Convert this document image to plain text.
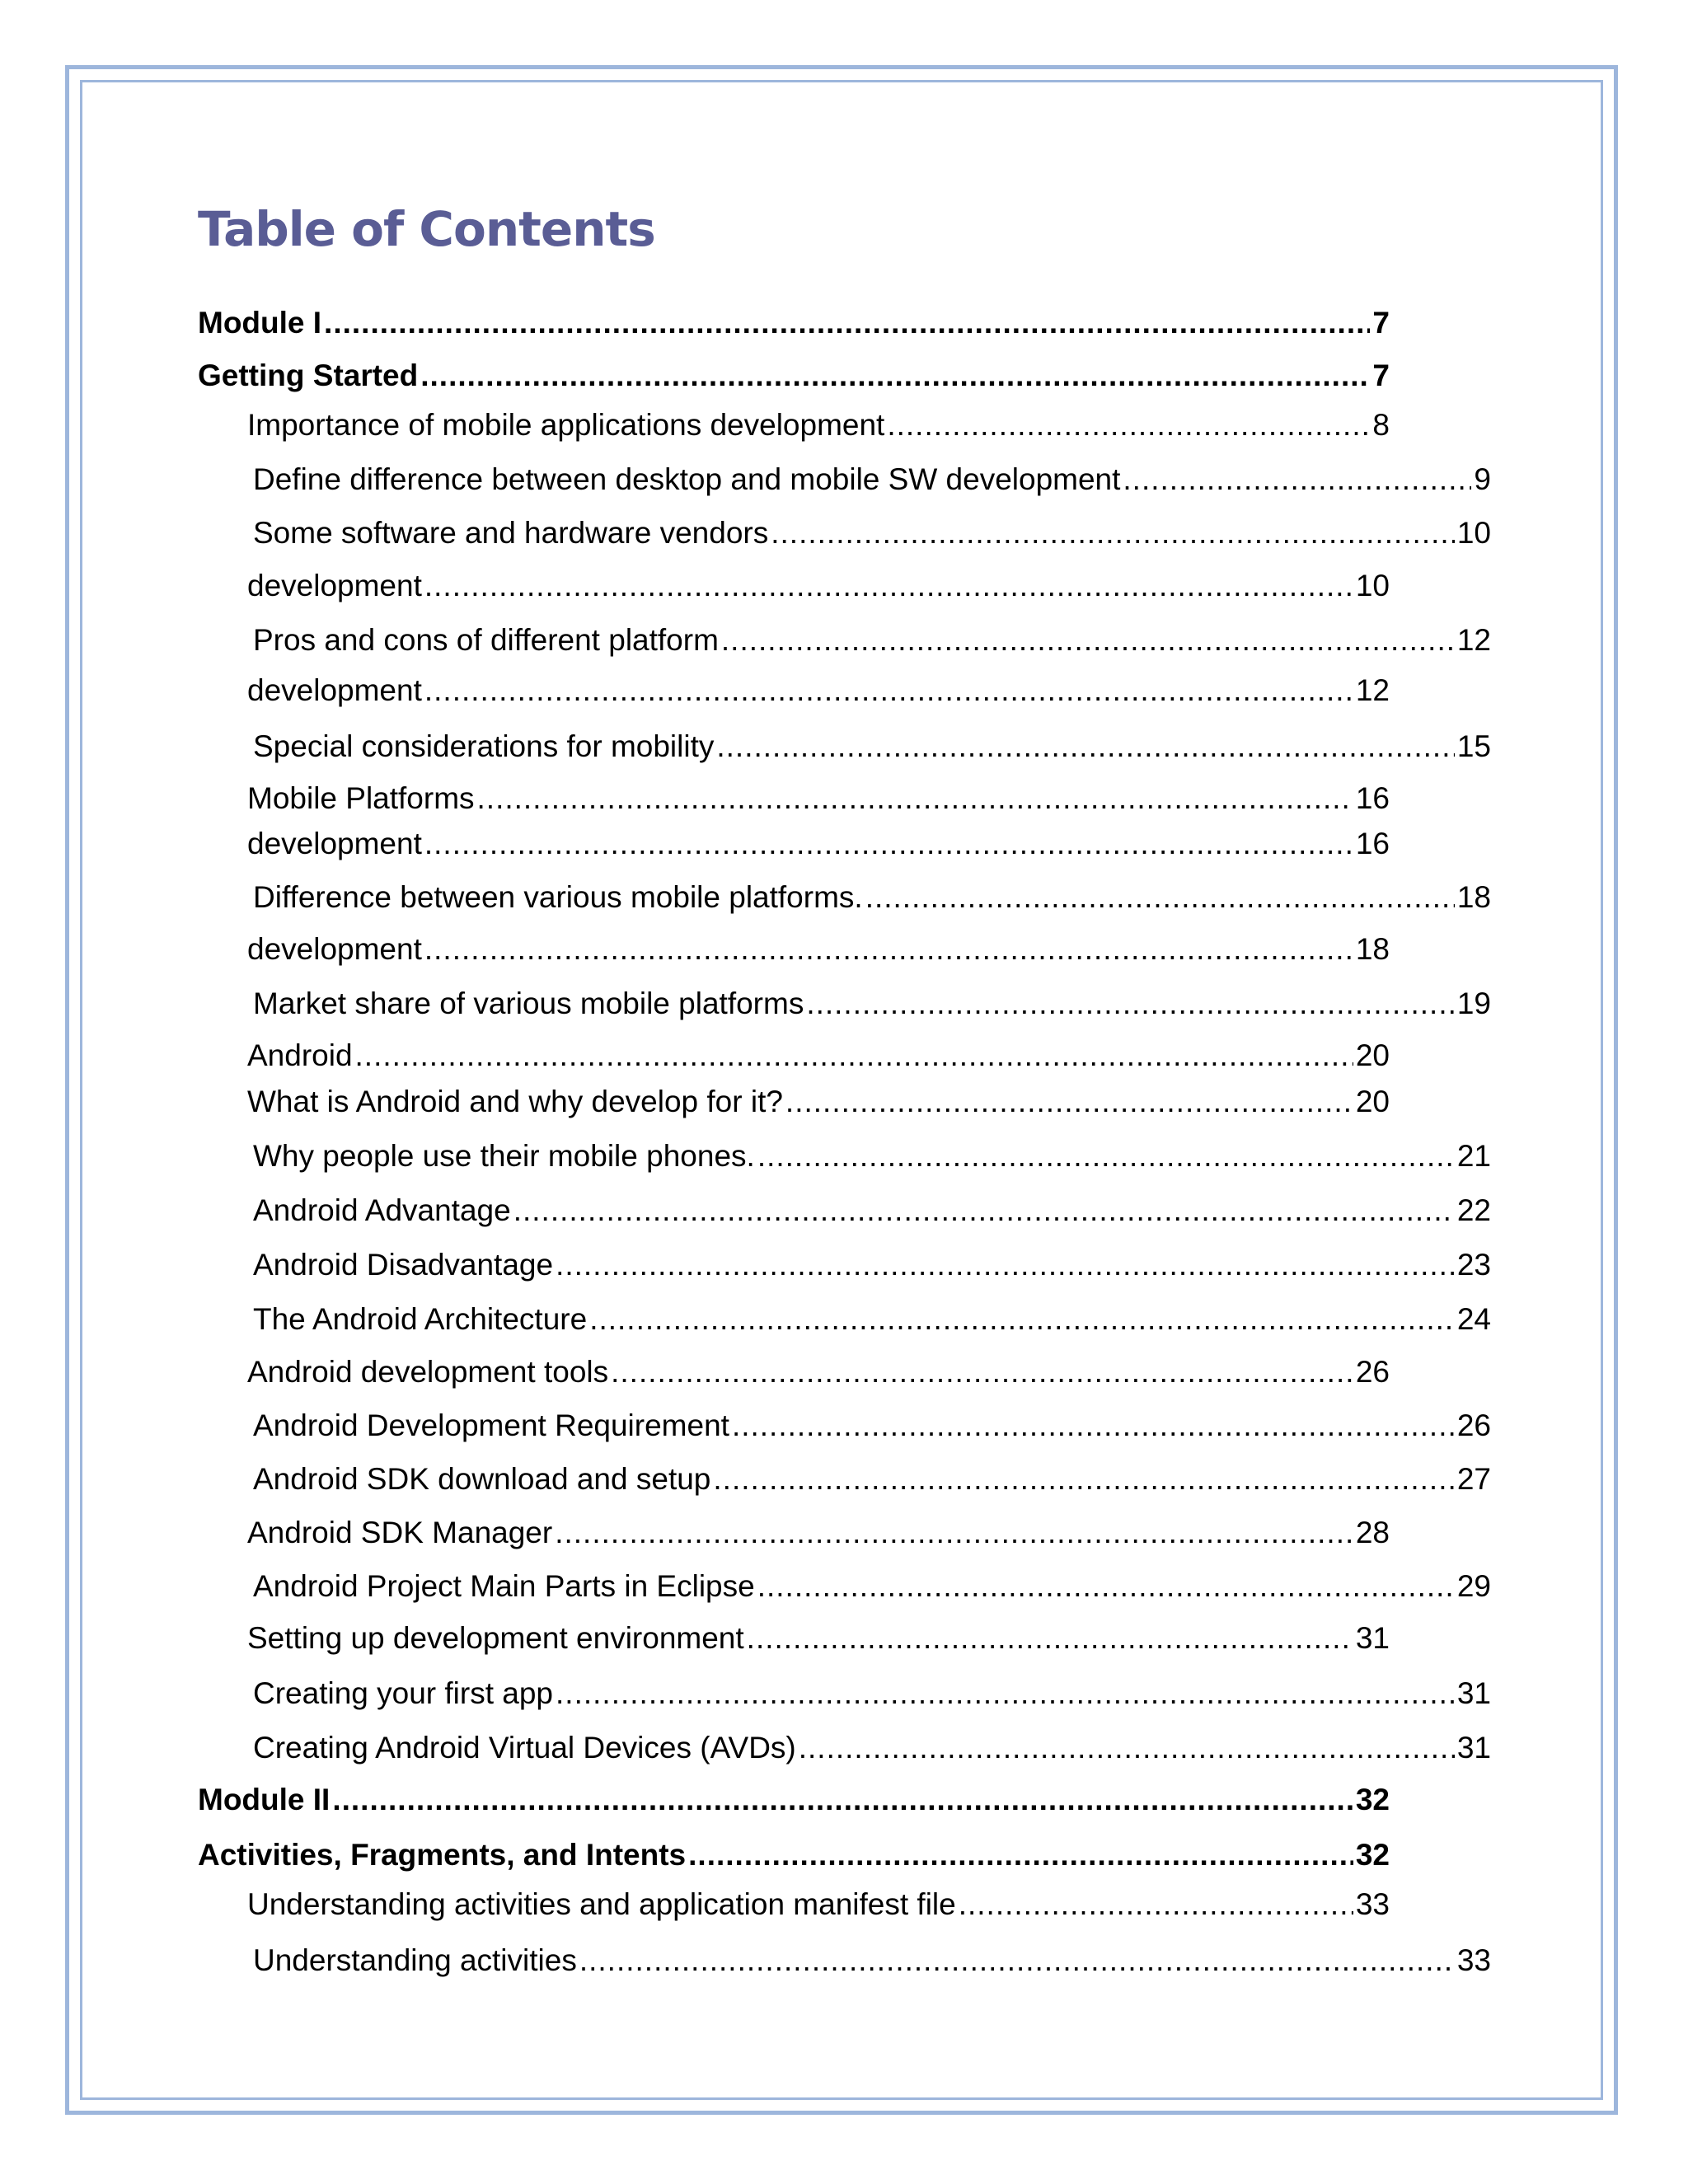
Table of Contents
Module I .....	7
Getting Started .....	7
Importance of mobile applications development .....	8
Define difference between desktop and mobile SW development .....	9
Some software and hardware vendors .....	10
development .....	10
Pros and cons of different platform .....	12
development .....	12
Special considerations for mobility .....	15
Mobile Platforms .....	16
development .....	16
Difference between various mobile platforms. .....	18
development .....	18
Market share of various mobile platforms .....	19
Android .....	20
What is Android and why develop for it? .....	20
Why people use their mobile phones. .....	21
Android Advantage .....	22
Android Disadvantage .....	23
The Android Architecture .....	24
Android development tools .....	26
Android Development Requirement .....	26
Android SDK download and setup .....	27
Android SDK Manager .....	28
Android Project Main Parts in Eclipse .....	29
Setting up development environment .....	31
Creating your first app .....	31
Creating Android Virtual Devices (AVDs) .....	31
Module II .....	32
Activities, Fragments, and Intents .....	32
Understanding activities and application manifest file .....	33
Understanding activities .....	33
